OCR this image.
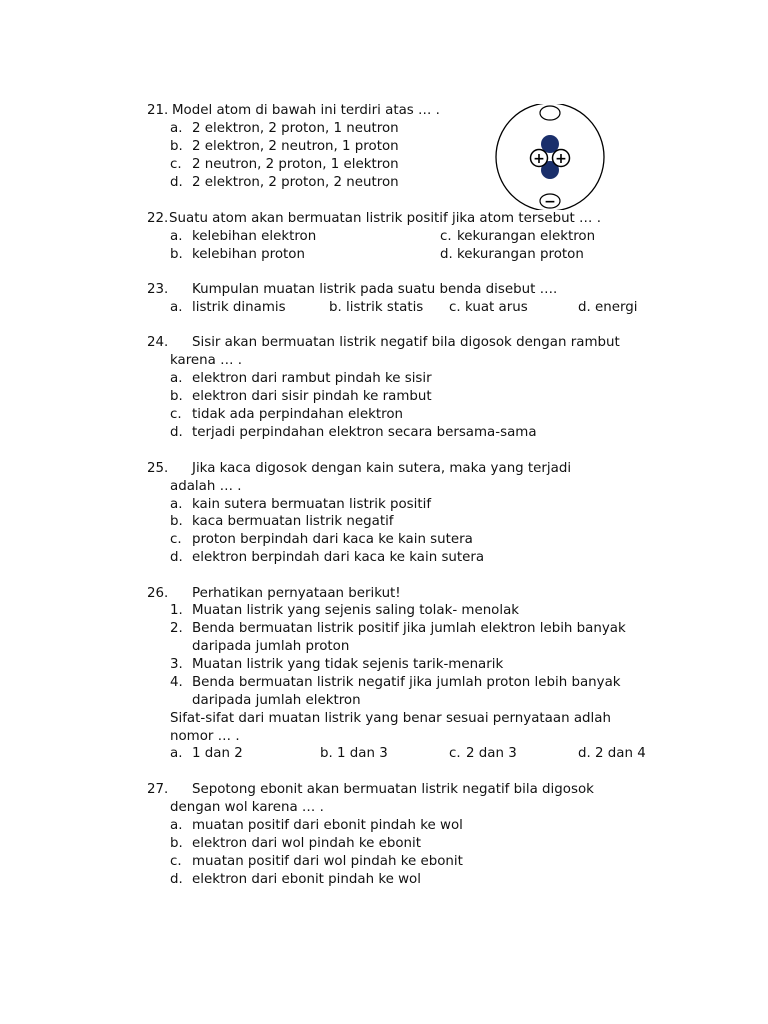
21. Model atom di bawah ini terdiri atas … .
a. 2 elektron, 2 proton, 1 neutron
b. 2 elektron, 2 neutron, 1 proton
c. 2 neutron, 2 proton, 1 elektron
d. 2 elektron, 2 proton, 2 neutron
+ +
−
22. Suatu atom akan bermuatan listrik positif jika atom tersebut … .
a. kelebihan elektron	c. kekurangan elektron
b. kelebihan proton	d. kekurangan proton
23. Kumpulan muatan listrik pada suatu benda disebut ….
a. listrik dinamis	b. listrik statis c. kuat arus	d. energi
24. Sisir akan bermuatan listrik negatif bila digosok dengan rambut
karena … .
a. elektron dari rambut pindah ke sisir
b. elektron dari sisir pindah ke rambut
c. tidak ada perpindahan elektron
d. terjadi perpindahan elektron secara bersama-sama
25. Jika kaca digosok dengan kain sutera, maka yang terjadi
adalah … .
a. kain sutera bermuatan listrik positif
b. kaca bermuatan listrik negatif
c. proton berpindah dari kaca ke kain sutera
d. elektron berpindah dari kaca ke kain sutera
26. Perhatikan pernyataan berikut!
1. Muatan listrik yang sejenis saling tolak- menolak
2. Benda bermuatan listrik positif jika jumlah elektron lebih banyak
daripada jumlah proton
3. Muatan listrik yang tidak sejenis tarik-menarik
4. Benda bermuatan listrik negatif jika jumlah proton lebih banyak
daripada jumlah elektron
Sifat-sifat dari muatan listrik yang benar sesuai pernyataan adlah
nomor … .
a. 1 dan 2	b. 1 dan 3	c. 2 dan 3	d. 2 dan 4
27. Sepotong ebonit akan bermuatan listrik negatif bila digosok
dengan wol karena … .
a. muatan positif dari ebonit pindah ke wol
b. elektron dari wol pindah ke ebonit
c. muatan positif dari wol pindah ke ebonit
d. elektron dari ebonit pindah ke wol
